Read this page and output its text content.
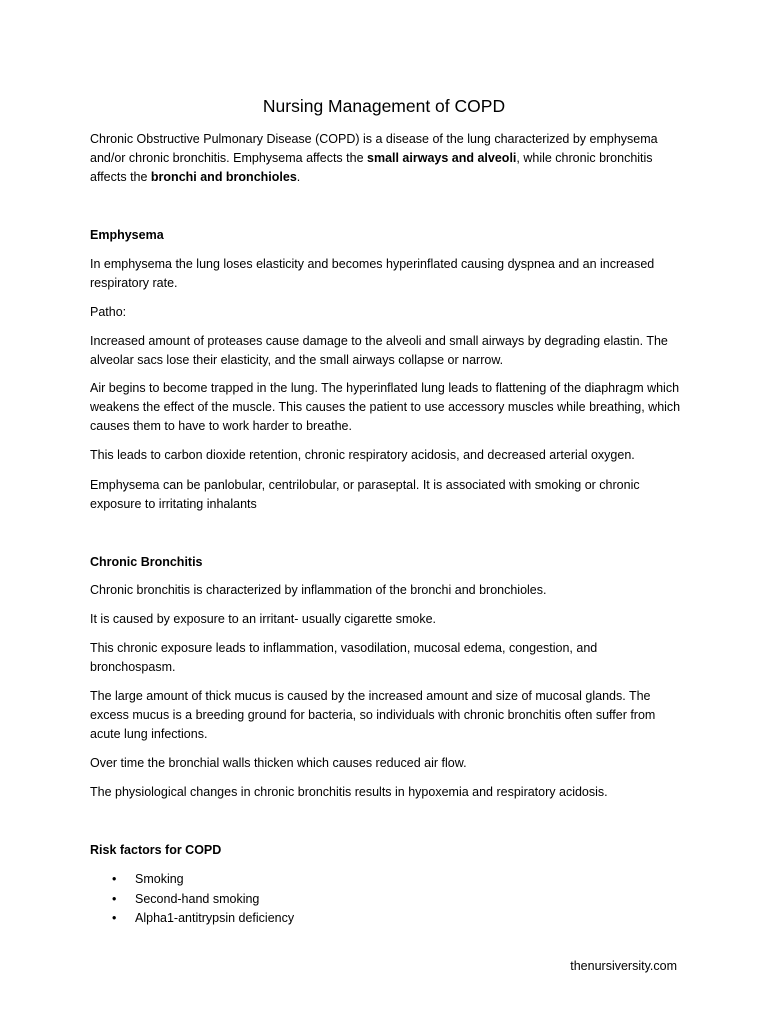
Nursing Management of COPD

Chronic Obstructive Pulmonary Disease (COPD) is a disease of the lung characterized by emphysema and/or chronic bronchitis. Emphysema affects the small airways and alveoli, while chronic bronchitis affects the bronchi and bronchioles.

Emphysema

In emphysema the lung loses elasticity and becomes hyperinflated causing dyspnea and an increased respiratory rate.

Patho:

Increased amount of proteases cause damage to the alveoli and small airways by degrading elastin. The alveolar sacs lose their elasticity, and the small airways collapse or narrow.

Air begins to become trapped in the lung. The hyperinflated lung leads to flattening of the diaphragm which weakens the effect of the muscle. This causes the patient to use accessory muscles while breathing, which causes them to have to work harder to breathe.

This leads to carbon dioxide retention, chronic respiratory acidosis, and decreased arterial oxygen.

Emphysema can be panlobular, centrilobular, or paraseptal. It is associated with smoking or chronic exposure to irritating inhalants

Chronic Bronchitis

Chronic bronchitis is characterized by inflammation of the bronchi and bronchioles.

It is caused by exposure to an irritant- usually cigarette smoke.

This chronic exposure leads to inflammation, vasodilation, mucosal edema, congestion, and bronchospasm.

The large amount of thick mucus is caused by the increased amount and size of mucosal glands. The excess mucus is a breeding ground for bacteria, so individuals with chronic bronchitis often suffer from acute lung infections.

Over time the bronchial walls thicken which causes reduced air flow.

The physiological changes in chronic bronchitis results in hypoxemia and respiratory acidosis.

Risk factors for COPD

• Smoking
• Second-hand smoking
• Alpha1-antitrypsin deficiency
thenursiversity.com
